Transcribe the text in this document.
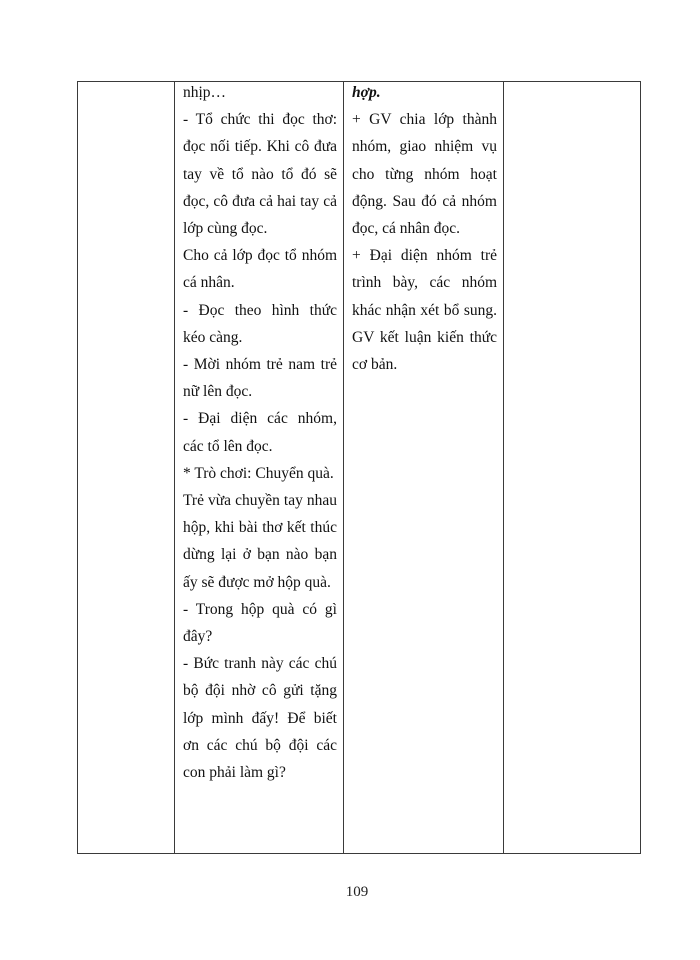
nhịp…
- Tổ chức thi đọc thơ: đọc nối tiếp. Khi cô đưa tay về tổ nào tổ đó sẽ đọc, cô đưa cả hai tay cả lớp cùng đọc.
Cho cả lớp đọc tổ nhóm cá nhân.
- Đọc theo hình thức kéo càng.
- Mời nhóm trẻ nam trẻ nữ lên đọc.
- Đại diện các nhóm, các tổ lên đọc.
* Trò chơi: Chuyển quà.
Trẻ vừa chuyền tay nhau hộp, khi bài thơ kết thúc dừng lại ở bạn nào bạn ấy sẽ được mở hộp quà.
- Trong hộp quà có gì đây?
- Bức tranh này các chú bộ đội nhờ cô gửi tặng lớp mình đấy! Để biết ơn các chú bộ đội các con phải làm gì?

hợp.
+ GV chia lớp thành nhóm, giao nhiệm vụ cho từng nhóm hoạt động. Sau đó cả nhóm đọc, cá nhân đọc.
+ Đại diện nhóm trẻ trình bày, các nhóm khác nhận xét bổ sung. GV kết luận kiến thức cơ bản.

109
